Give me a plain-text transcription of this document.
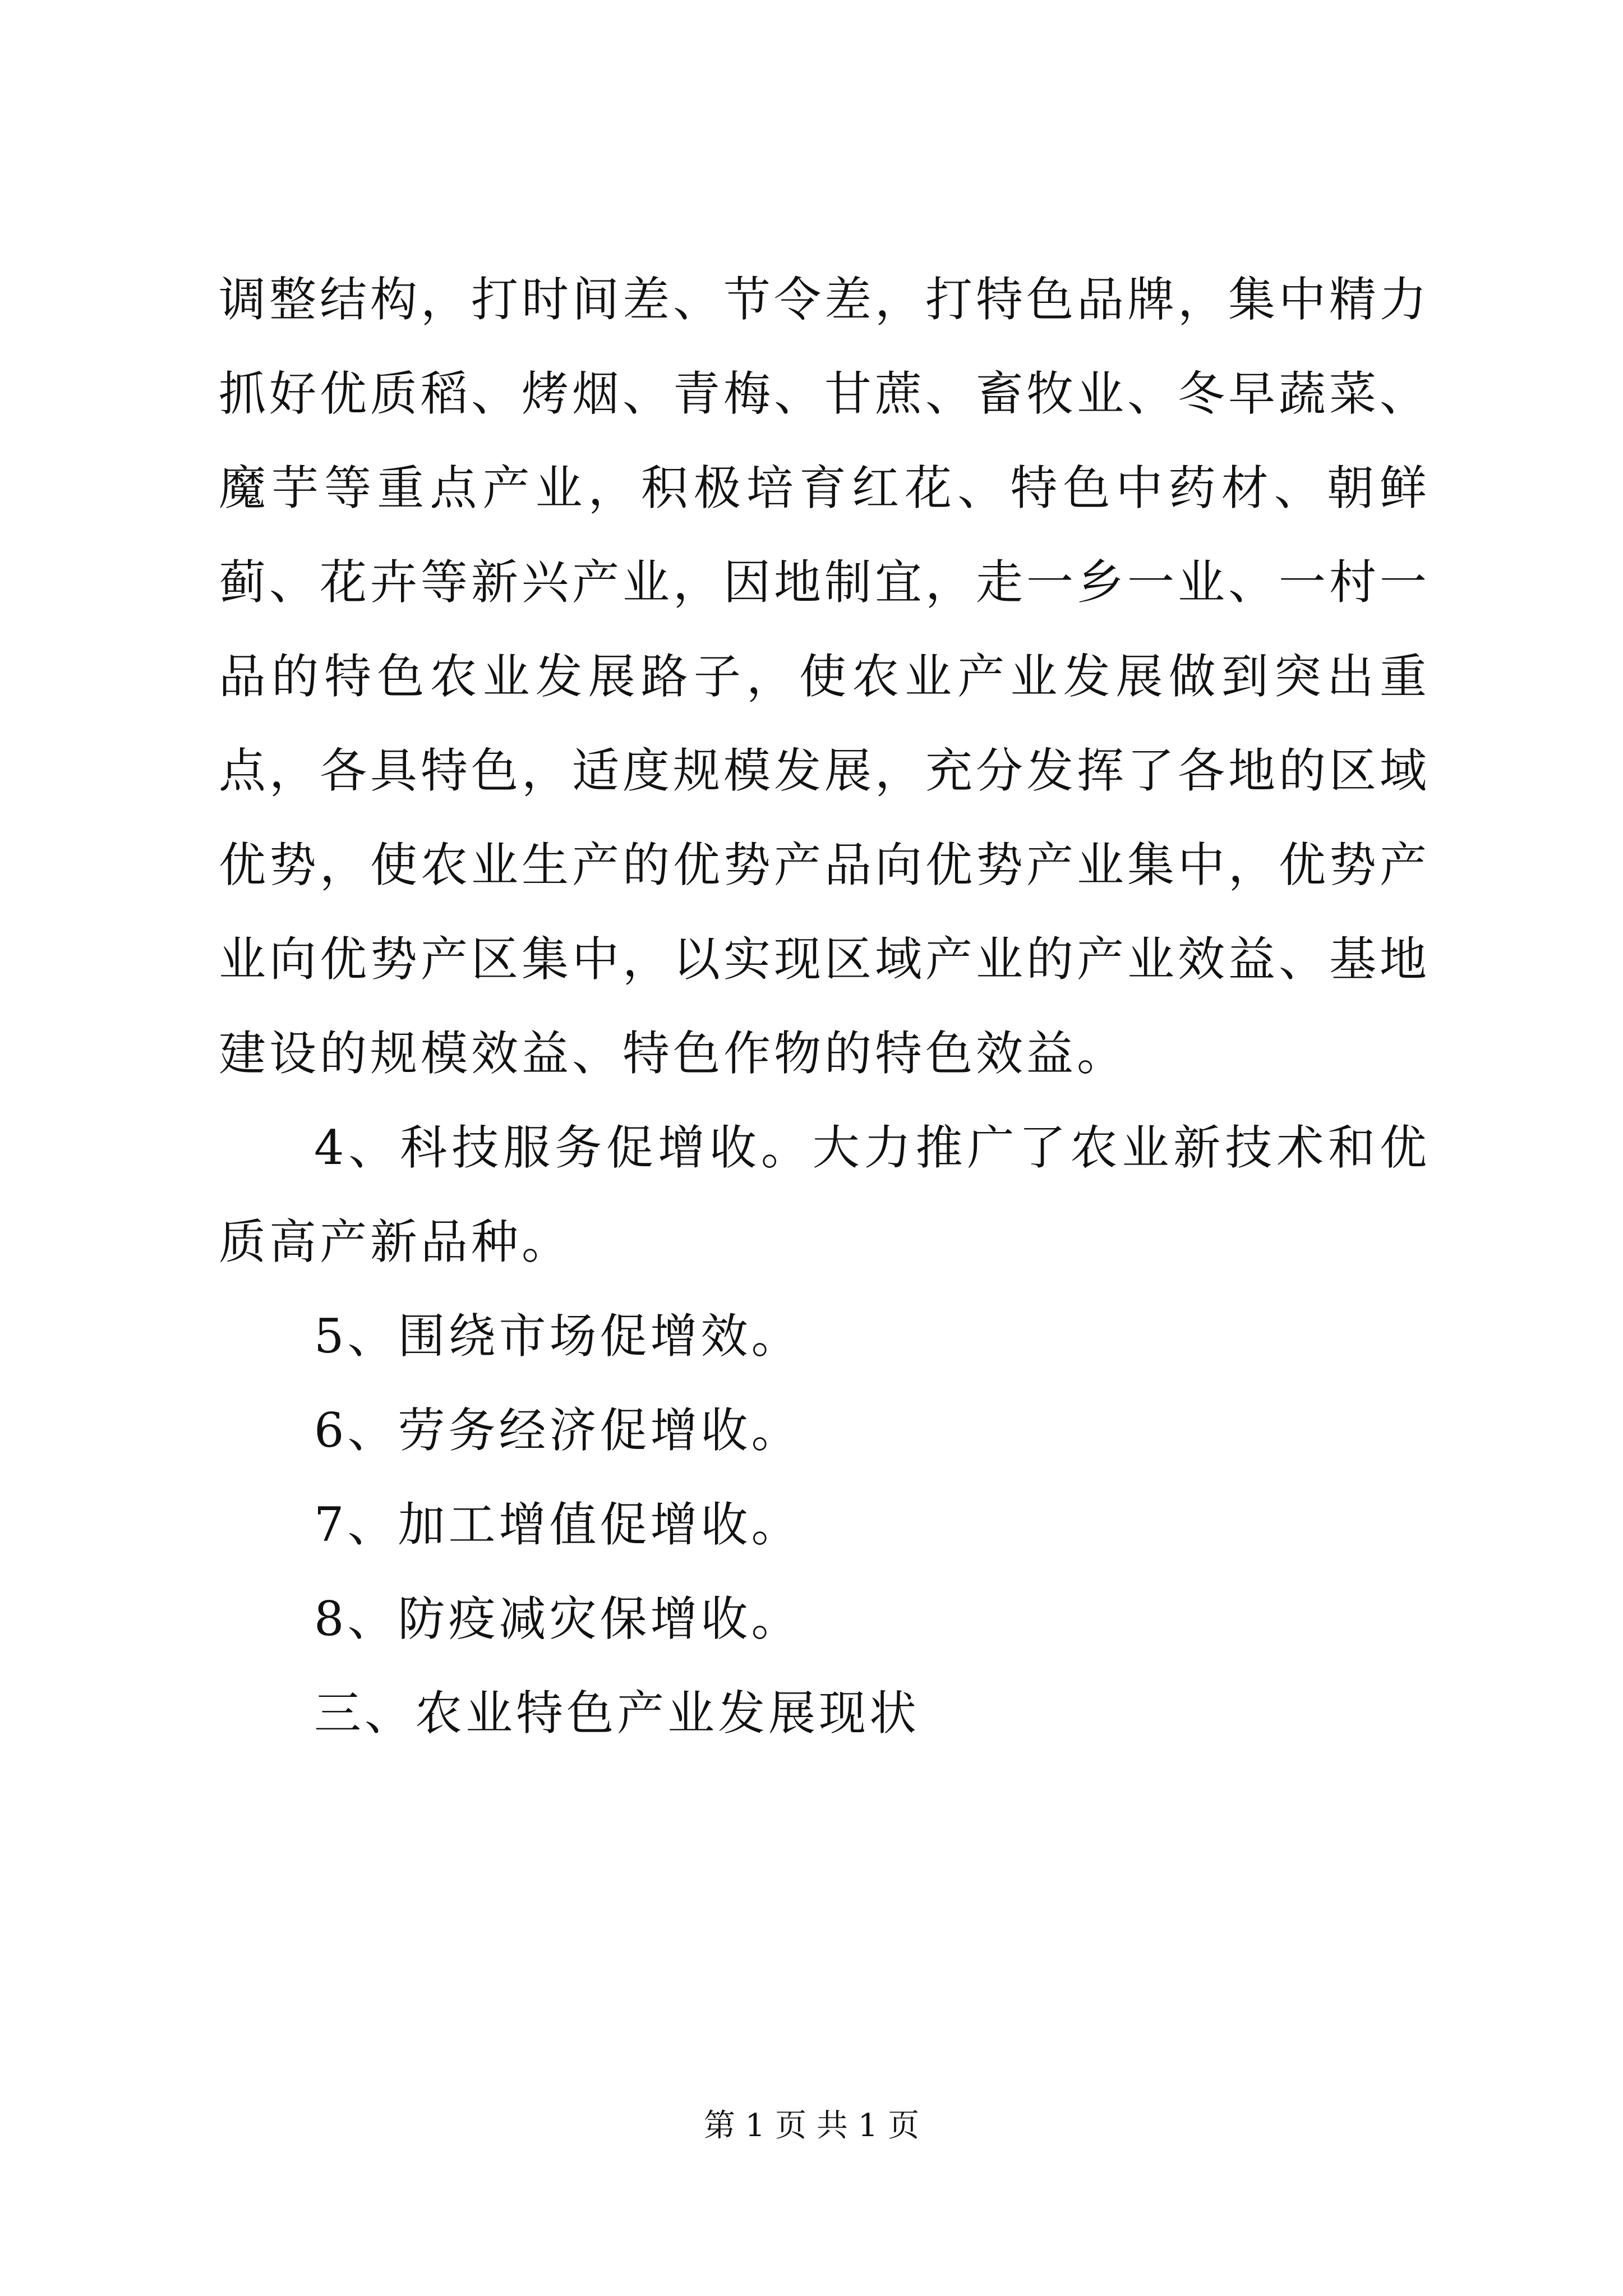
调整结构，打时间差、节令差，打特色品牌，集中精力抓好优质稻、烤烟、青梅、甘蔗、畜牧业、冬早蔬菜、魔芋等重点产业，积极培育红花、特色中药材、朝鲜蓟、花卉等新兴产业，因地制宜，走一乡一业、一村一品的特色农业发展路子，使农业产业发展做到突出重点，各具特色，适度规模发展，充分发挥了各地的区域优势，使农业生产的优势产品向优势产业集中，优势产业向优势产区集中，以实现区域产业的产业效益、基地建设的规模效益、特色作物的特色效益。

4、科技服务促增收。大力推广了农业新技术和优质高产新品种。

5、围绕市场促增效。

6、劳务经济促增收。

7、加工增值促增收。

8、防疫减灾保增收。

三、农业特色产业发展现状

第 1 页 共 1 页
